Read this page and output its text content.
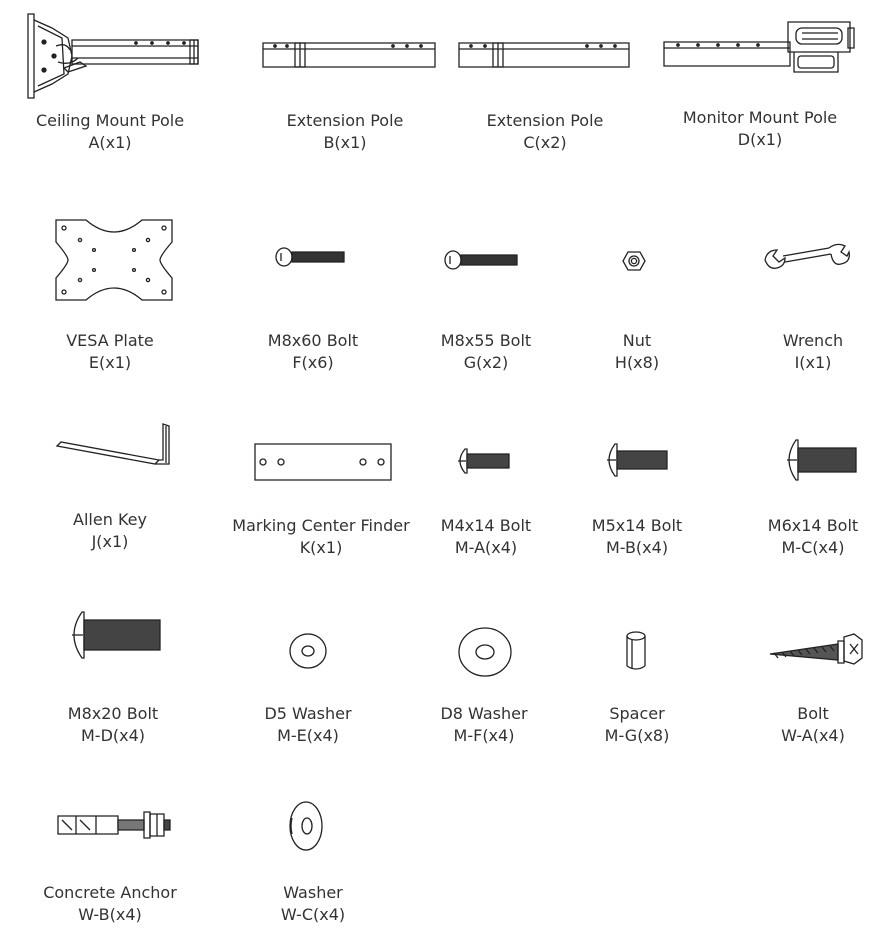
Ceiling Mount Pole
A(x1)
Extension Pole
B(x1)
Extension Pole
C(x2)
Monitor Mount Pole
D(x1)
VESA Plate
E(x1)
M8x60 Bolt
F(x6)
M8x55 Bolt
G(x2)
Nut
H(x8)
Wrench
I(x1)
Allen Key
J(x1)
Marking Center Finder
K(x1)
M4x14 Bolt
M-A(x4)
M5x14 Bolt
M-B(x4)
M6x14 Bolt
M-C(x4)
M8x20 Bolt
M-D(x4)
D5 Washer
M-E(x4)
D8 Washer
M-F(x4)
Spacer
M-G(x8)
Bolt
W-A(x4)
Concrete Anchor
W-B(x4)
Washer
W-C(x4)
